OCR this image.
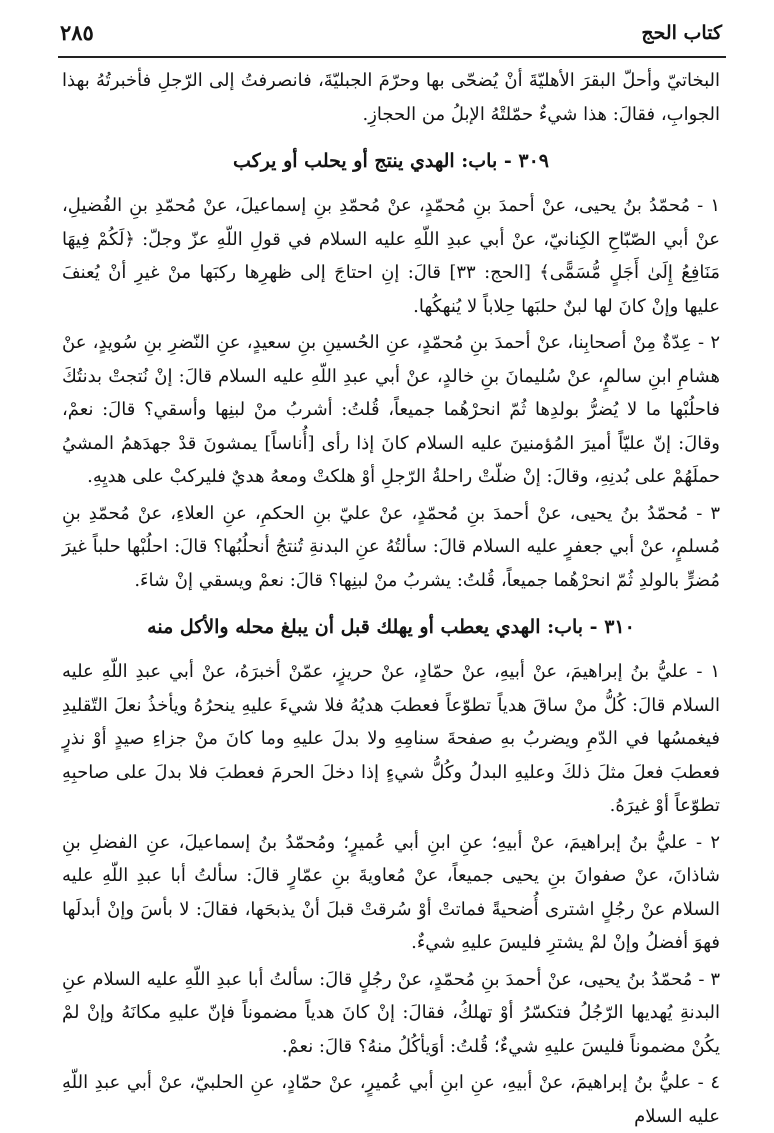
كتاب الحج
٢٨٥

البخاتيّ وأحلّ البقرَ الأهليّةَ أنْ يُضحّى بها وحرّمَ الجبليّةَ، فانصرفتُ إلى الرّجلِ فأخبرتُهُ بهذا الجوابِ، فقالَ: هذا شيءٌ حمّلتْهُ الإبلُ من الحجازِ.

٣٠٩ - باب: الهدي ينتج أو يحلب أو يركب

١ - مُحمّدُ بنُ يحيى، عنْ أحمدَ بنِ مُحمّدٍ، عنْ مُحمّدِ بنِ إسماعيلَ، عنْ مُحمّدِ بنِ الفُضيلِ، عنْ أبي الصّبّاحِ الكِنانيّ، عنْ أبي عبدِ اللّهِ عليه السلام في قولِ اللّهِ عزّ وجلّ: ﴿لَكُمْ فِيهَا مَنَافِعُ إِلَىٰ أَجَلٍ مُّسَمًّى﴾ [الحج: ٣٣] قالَ: إنِ احتاجَ إلى ظهرِها ركبَها منْ غيرِ أنْ يُعنفَ عليها وإنْ كانَ لها لبنٌ حلبَها حِلاباً لا يُنهكُها.

٢ - عِدّةٌ مِنْ أصحابِنا، عنْ أحمدَ بنِ مُحمّدٍ، عنِ الحُسينِ بنِ سعيدٍ، عنِ النّضرِ بنِ سُويدٍ، عنْ هشامِ ابنِ سالمٍ، عنْ سُليمانَ بنِ خالدٍ، عنْ أبي عبدِ اللّهِ عليه السلام قالَ: إنْ نُتجتْ بدنتُكَ فاحلُبْها ما لا يُضرُّ بولدِها ثُمّ انحرْهُما جميعاً، قُلتُ: أشربُ منْ لبنِها وأسقي؟ قالَ: نعمْ، وقالَ: إنّ عليّاً أميرَ المُؤمنينَ عليه السلام كانَ إذا رأى [أُناساً] يمشونَ قدْ جهدَهمُ المشيُ حملَهُمْ على بُدنِهِ، وقالَ: إنْ ضلّتْ راحلةُ الرّجلِ أوْ هلكتْ ومعهُ هديٌ فليركبْ على هديِهِ.

٣ - مُحمّدُ بنُ يحيى، عنْ أحمدَ بنِ مُحمّدٍ، عنْ عليّ بنِ الحكمِ، عنِ العلاءِ، عنْ مُحمّدِ بنِ مُسلمٍ، عنْ أبي جعفرٍ عليه السلام قالَ: سألتُهُ عنِ البدنةِ تُنتجُ أنحلُبُها؟ قالَ: احلُبْها حلباً غيرَ مُضرٍّ بالولدِ ثُمّ انحرْهُما جميعاً، قُلتُ: يشربُ منْ لبنِها؟ قالَ: نعمْ ويسقي إنْ شاءَ.

٣١٠ - باب: الهدي يعطب أو يهلك قبل أن يبلغ محله والأكل منه

١ - عليُّ بنُ إبراهيمَ، عنْ أبيهِ، عنْ حمّادٍ، عنْ حريزٍ، عمّنْ أخبرَهُ، عنْ أبي عبدِ اللّهِ عليه السلام قالَ: كُلُّ منْ ساقَ هدياً تطوّعاً فعطبَ هديُهُ فلا شيءَ عليهِ ينحرُهُ ويأخذُ نعلَ التّقليدِ فيغمسُها في الدّمِ ويضربُ بهِ صفحةَ سنامِهِ ولا بدلَ عليهِ وما كانَ منْ جزاءِ صيدٍ أوْ نذرٍ فعطبَ فعلَ مثلَ ذلكَ وعليهِ البدلُ وكُلُّ شيءٍ إذا دخلَ الحرمَ فعطبَ فلا بدلَ على صاحبِهِ تطوّعاً أوْ غيرَهُ.

٢ - عليُّ بنُ إبراهيمَ، عنْ أبيهِ؛ عنِ ابنِ أبي عُميرٍ؛ ومُحمّدُ بنُ إسماعيلَ، عنِ الفضلِ بنِ شاذانَ، عنْ صفوانَ بنِ يحيى جميعاً، عنْ مُعاويةَ بنِ عمّارٍ قالَ: سألتُ أبا عبدِ اللّهِ عليه السلام عنْ رجُلٍ اشترى أُضحيةً فماتتْ أوْ سُرقتْ قبلَ أنْ يذبحَها، فقالَ: لا بأسَ وإنْ أبدلَها فهوَ أفضلُ وإنْ لمْ يشترِ فليسَ عليهِ شيءٌ.

٣ - مُحمّدُ بنُ يحيى، عنْ أحمدَ بنِ مُحمّدٍ، عنْ رجُلٍ قالَ: سألتُ أبا عبدِ اللّهِ عليه السلام عنِ البدنةِ يُهديها الرّجُلُ فتكسّرُ أوْ تهلكُ، فقالَ: إنْ كانَ هدياً مضموناً فإنّ عليهِ مكانَهُ وإنْ لمْ يكُنْ مضموناً فليسَ عليهِ شيءٌ؛ قُلتُ: أوَيأكُلُ منهُ؟ قالَ: نعمْ.

٤ - عليُّ بنُ إبراهيمَ، عنْ أبيهِ، عنِ ابنِ أبي عُميرٍ، عنْ حمّادٍ، عنِ الحلبيّ، عنْ أبي عبدِ اللّهِ عليه السلام
